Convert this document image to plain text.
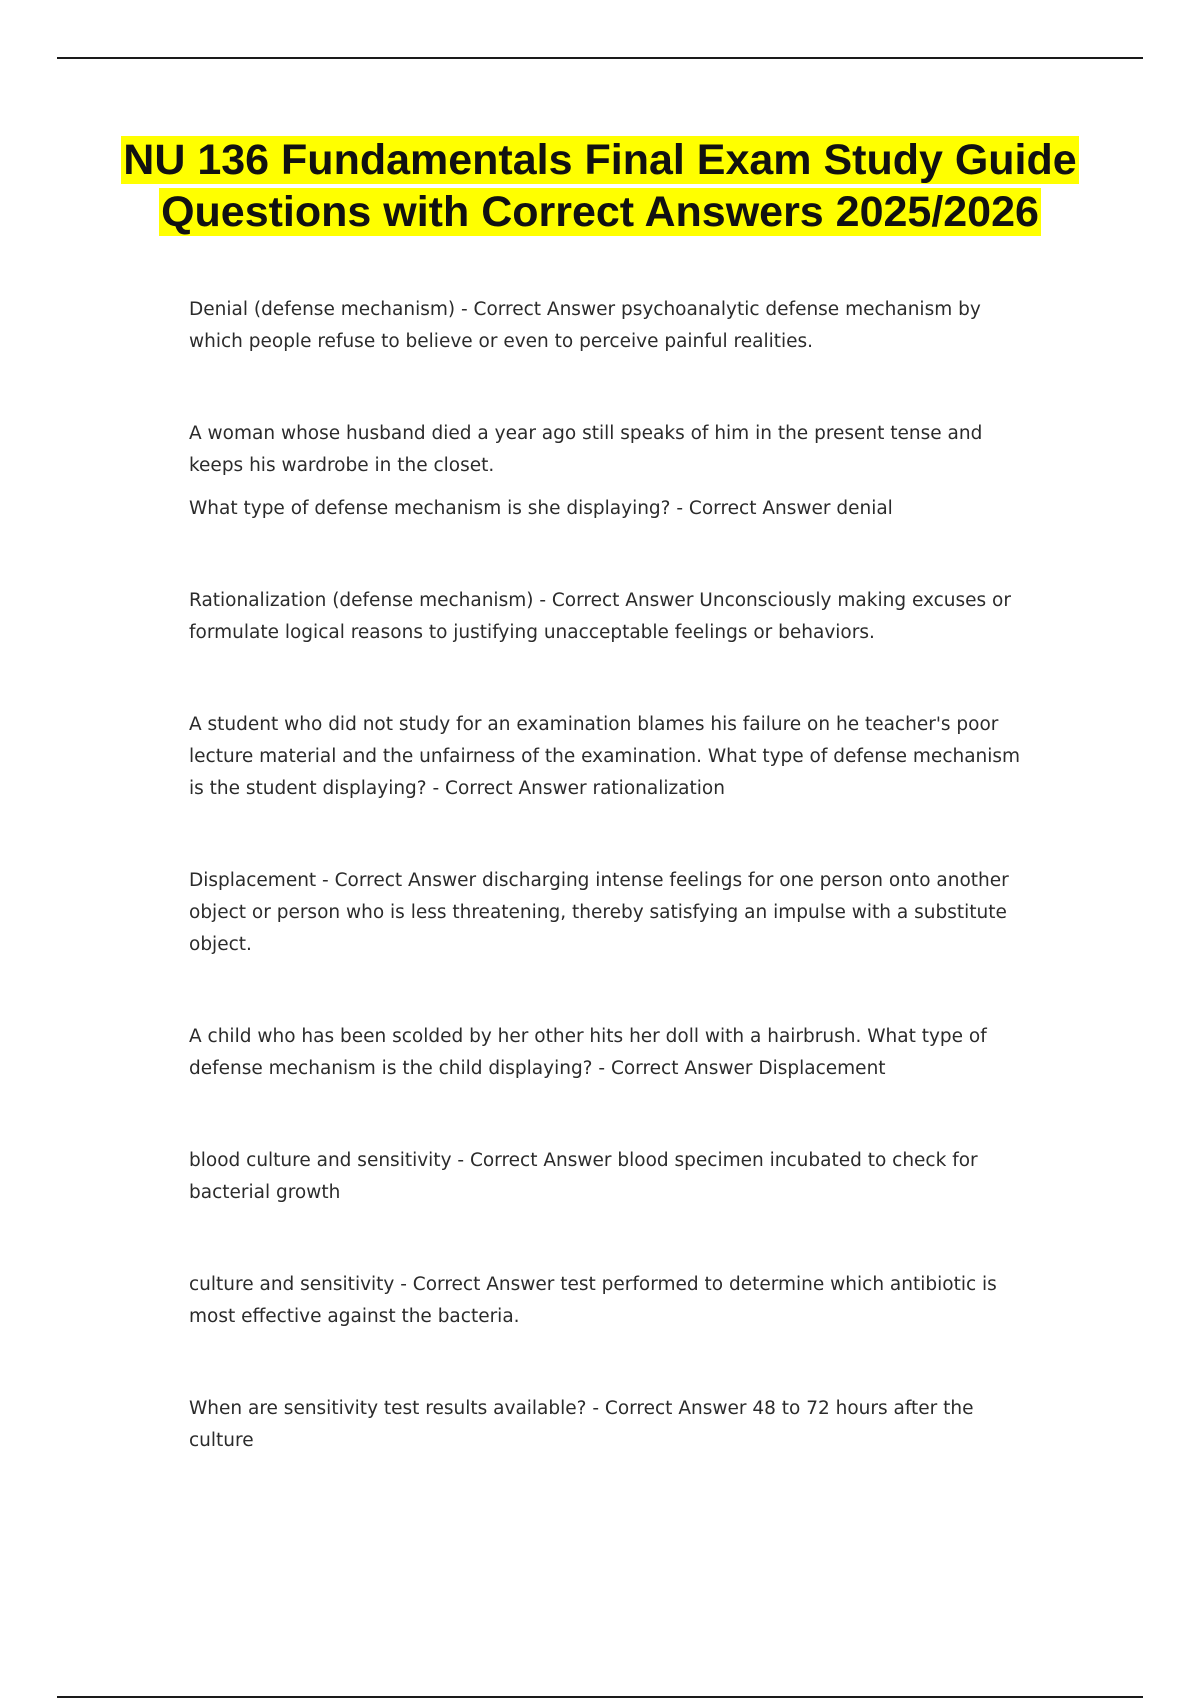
NU 136 Fundamentals Final Exam Study Guide Questions with Correct Answers 2025/2026

Denial (defense mechanism) - Correct Answer psychoanalytic defense mechanism by which people refuse to believe or even to perceive painful realities.

A woman whose husband died a year ago still speaks of him in the present tense and keeps his wardrobe in the closet.

What type of defense mechanism is she displaying? - Correct Answer denial

Rationalization (defense mechanism) - Correct Answer Unconsciously making excuses or formulate logical reasons to justifying unacceptable feelings or behaviors.

A student who did not study for an examination blames his failure on he teacher's poor lecture material and the unfairness of the examination. What type of defense mechanism is the student displaying? - Correct Answer rationalization

Displacement - Correct Answer discharging intense feelings for one person onto another object or person who is less threatening, thereby satisfying an impulse with a substitute object.

A child who has been scolded by her other hits her doll with a hairbrush. What type of defense mechanism is the child displaying? - Correct Answer Displacement

blood culture and sensitivity - Correct Answer blood specimen incubated to check for bacterial growth

culture and sensitivity - Correct Answer test performed to determine which antibiotic is most effective against the bacteria.

When are sensitivity test results available? - Correct Answer 48 to 72 hours after the culture
